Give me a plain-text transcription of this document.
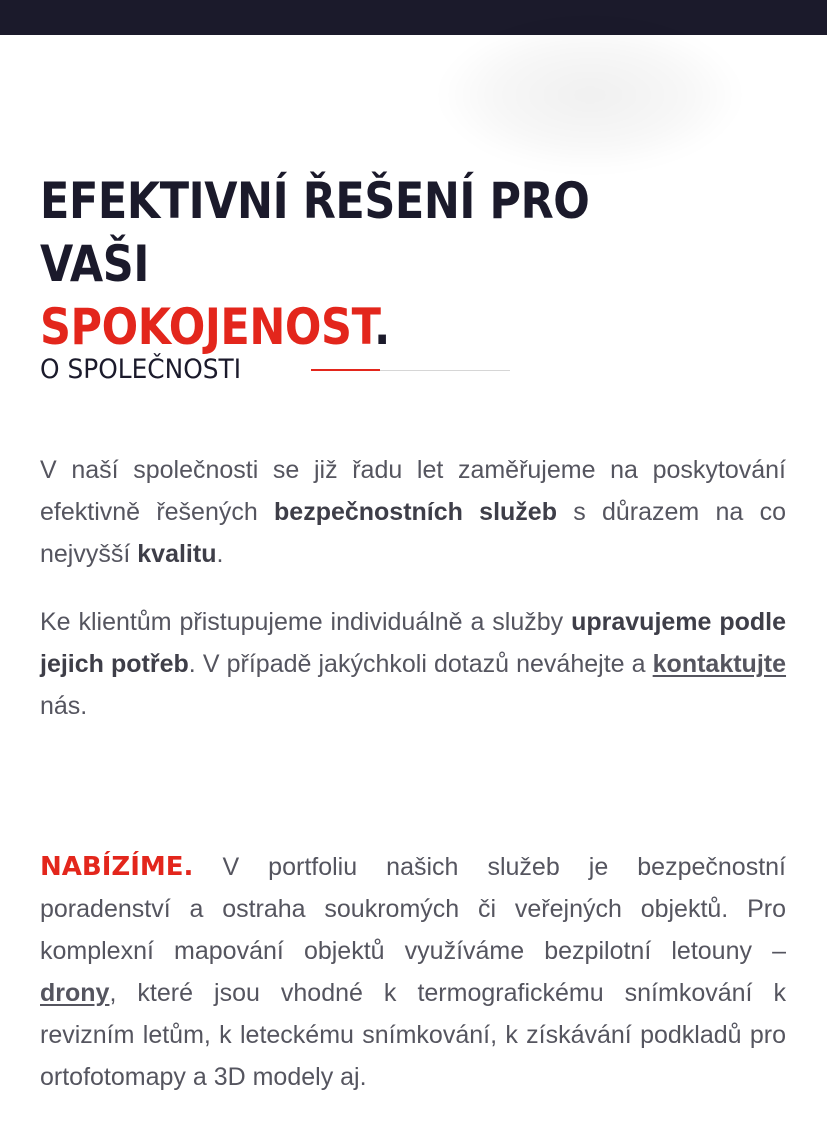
EFEKTIVNÍ ŘEŠENÍ PRO VAŠI
SPOKOJENOST.
O SPOLEČNOSTI

V naší společnosti se již řadu let zaměřujeme na poskytování efektivně řešených bezpečnostních služeb s důrazem na co nejvyšší kvalitu.

Ke klientům přistupujeme individuálně a služby upravujeme podle jejich potřeb. V případě jakýchkoli dotazů neváhejte a kontaktujte nás.

NABÍZÍME. V portfoliu našich služeb je bezpečnostní poradenství a ostraha soukromých či veřejných objektů. Pro komplexní mapování objektů využíváme bezpilotní letouny – drony, které jsou vhodné k termografickému snímkování k revizním letům, k leteckému snímkování, k získávání podkladů pro ortofotomapy a 3D modely aj.
